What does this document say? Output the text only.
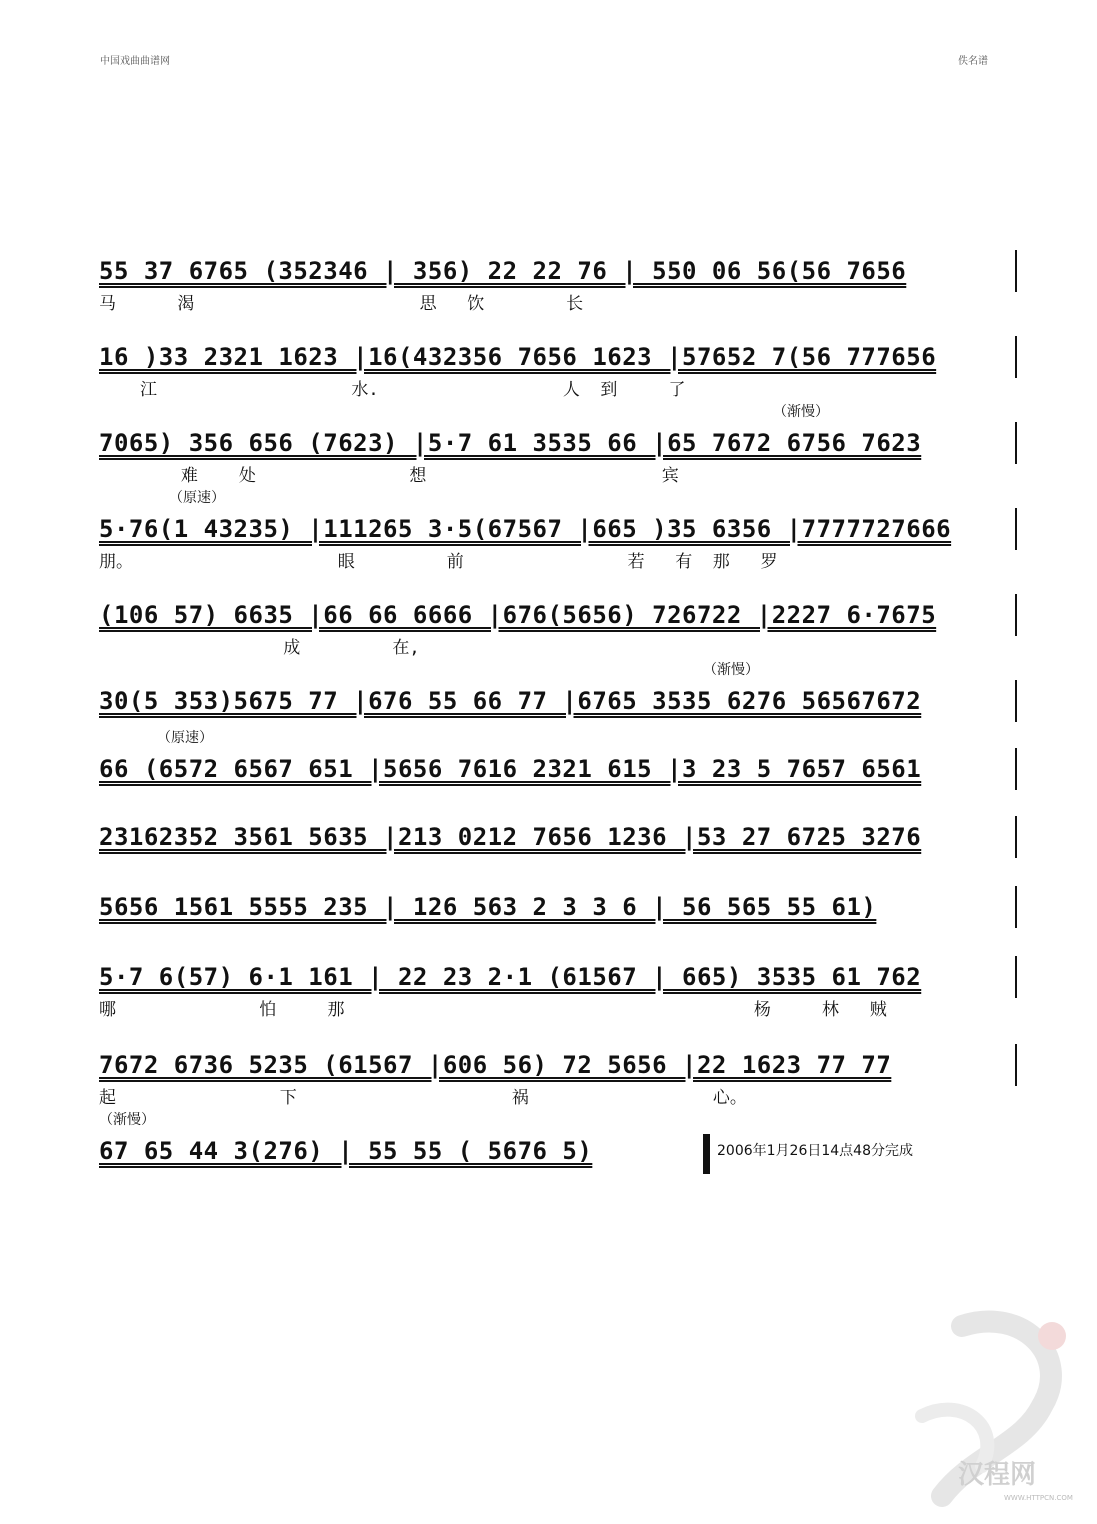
中国戏曲曲谱网	佚名谱
55 37 6765 (352346 | 356) 22 22 76 | 550 06 56(56 7656
马      渴                      思   饮        长
16 )33 2321 1623 |16(432356 7656 1623 |57652 7(56 777656
江                   水.                  人  到     了
（渐慢）
7065) 356 656 (7623) |5·7 61 3535 66 |65 7672 6756 7623
难    处               想                       宾
（原速）
5·76(1 43235) |111265 3·5(67567 |665 )35 6356 |7777727666
朋。                    眼         前                若   有  那   罗
(106 57) 6635 |66 66 6666 |676(5656) 726722 |2227 6·7675
成         在,
（渐慢）
30(5 353)5675 77 |676 55 66 77 |6765 3535 6276 56567672
（原速）
66 (6572 6567 651 |5656 7616 2321 615 |3 23 5 7657 6561
23162352 3561 5635 |213 0212 7656 1236 |53 27 6725 3276
5656 1561 5555 235 | 126 563 2 3 3 6 | 56 565 55 61)
5·7 6(57) 6·1 161 | 22 23 2·1 (61567 | 665) 3535 61 762
哪              怕     那                                        杨     林   贼
7672 6736 5235 (61567 |606 56) 72 5656 |22 1623 77 77
起                下                     祸                  心。
（渐慢）
67 65 44 3(276) | 55 55 ( 5676 5)	2006年1月26日14点48分完成
汉程网
WWW.HTTPCN.COM
